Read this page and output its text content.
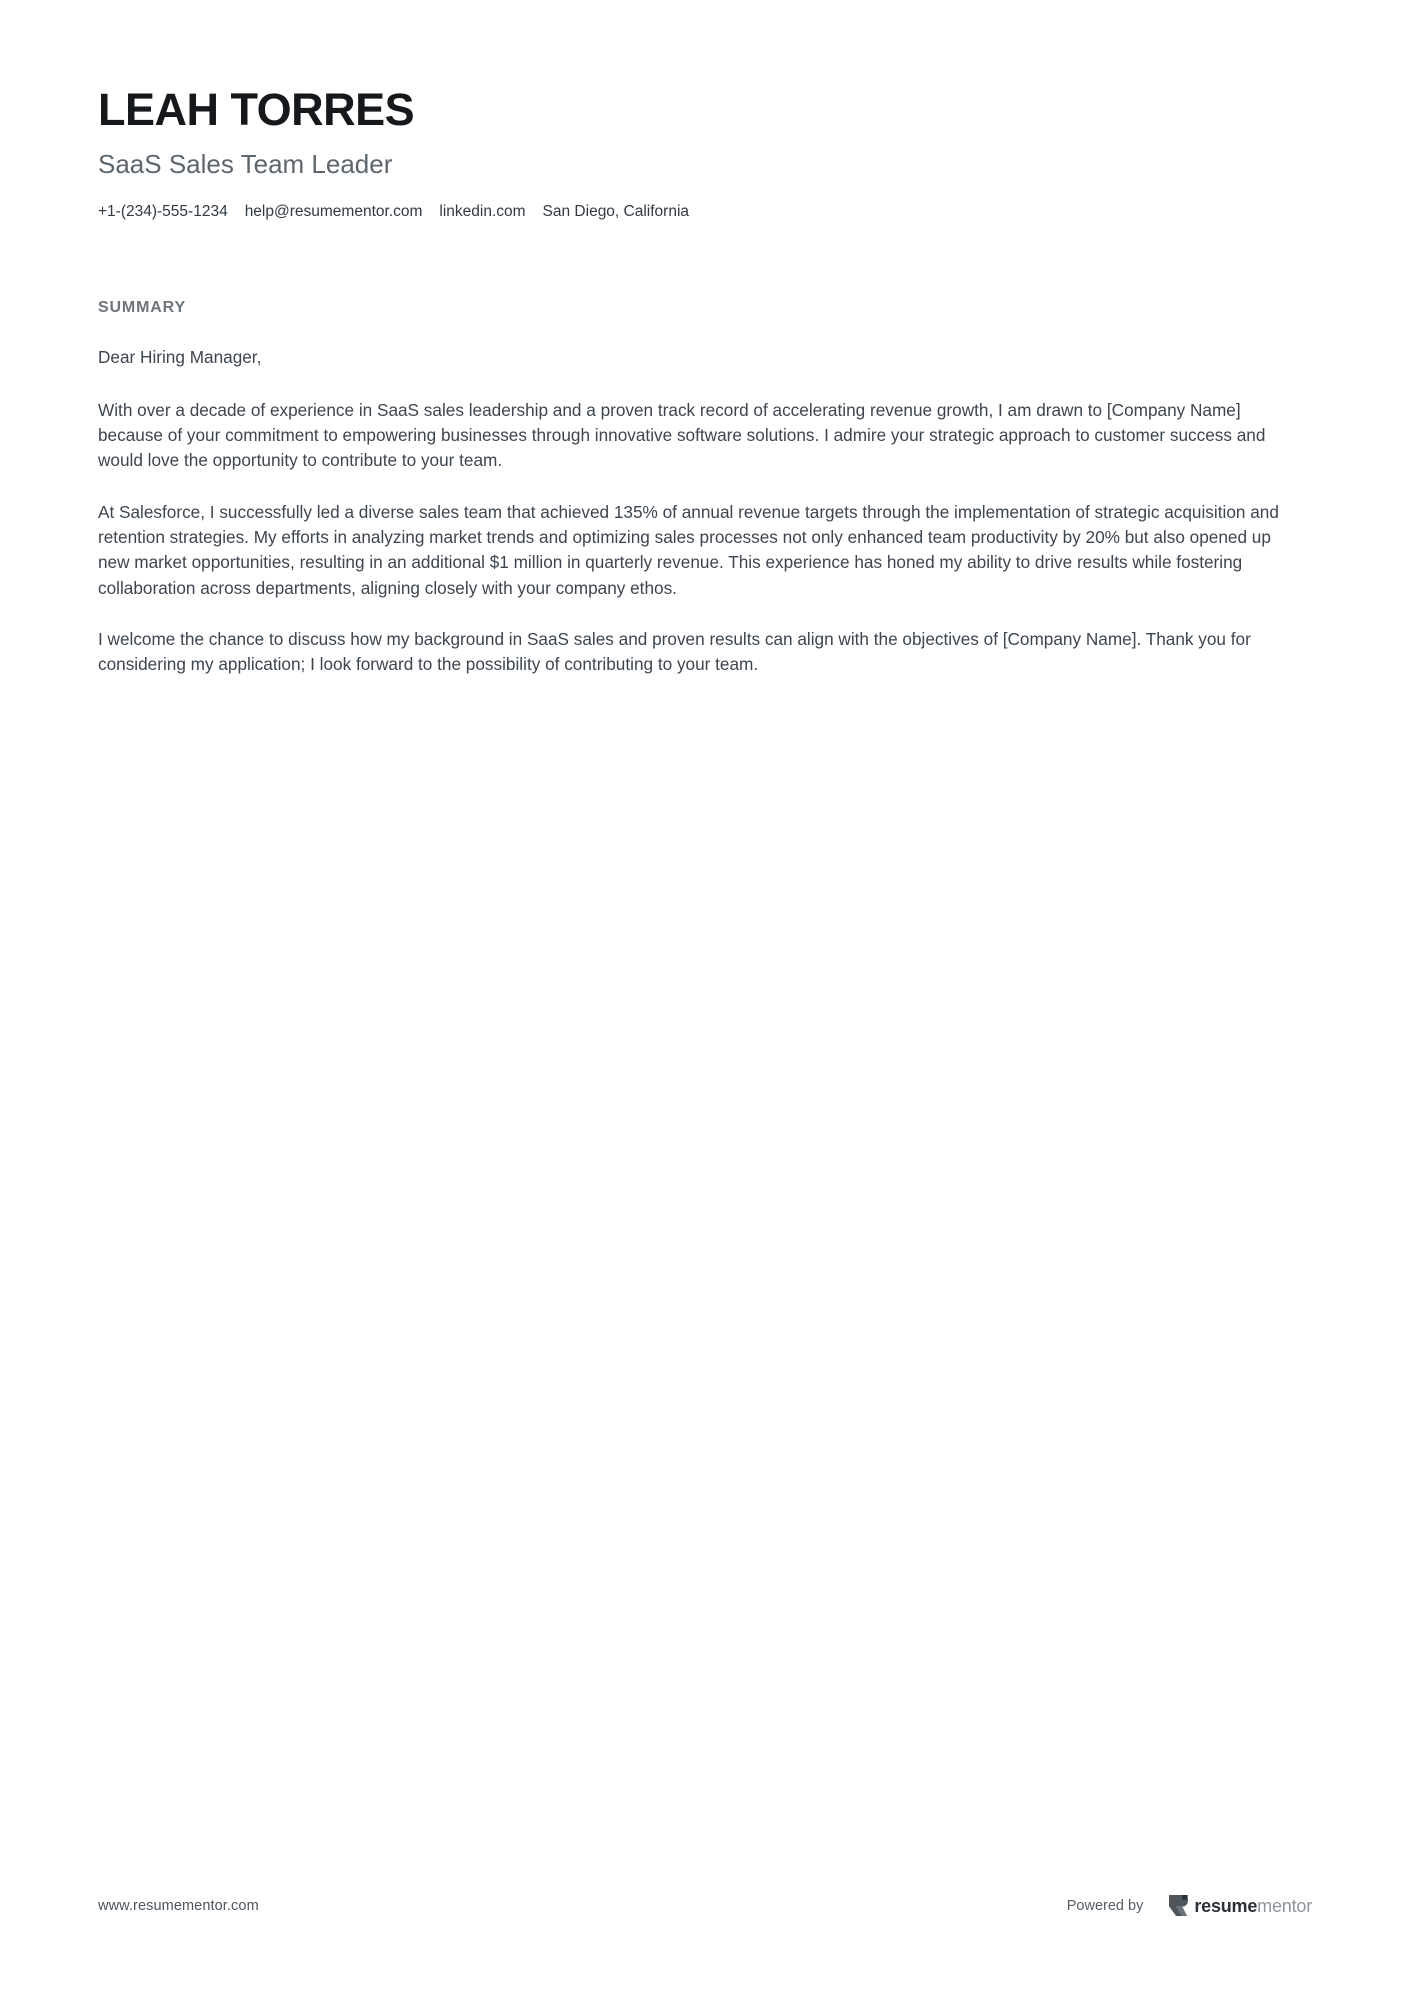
LEAH TORRES
SaaS Sales Team Leader
+1-(234)-555-1234 help@resumementor.com linkedin.com San Diego, California
SUMMARY

Dear Hiring Manager,

With over a decade of experience in SaaS sales leadership and a proven track record of accelerating revenue growth, I am drawn to [Company Name] because of your commitment to empowering businesses through innovative software solutions. I admire your strategic approach to customer success and would love the opportunity to contribute to your team.

At Salesforce, I successfully led a diverse sales team that achieved 135% of annual revenue targets through the implementation of strategic acquisition and retention strategies. My efforts in analyzing market trends and optimizing sales processes not only enhanced team productivity by 20% but also opened up new market opportunities, resulting in an additional $1 million in quarterly revenue. This experience has honed my ability to drive results while fostering collaboration across departments, aligning closely with your company ethos.

I welcome the chance to discuss how my background in SaaS sales and proven results can align with the objectives of [Company Name]. Thank you for considering my application; I look forward to the possibility of contributing to your team.

www.resumementor.com	Powered by	resumementor
